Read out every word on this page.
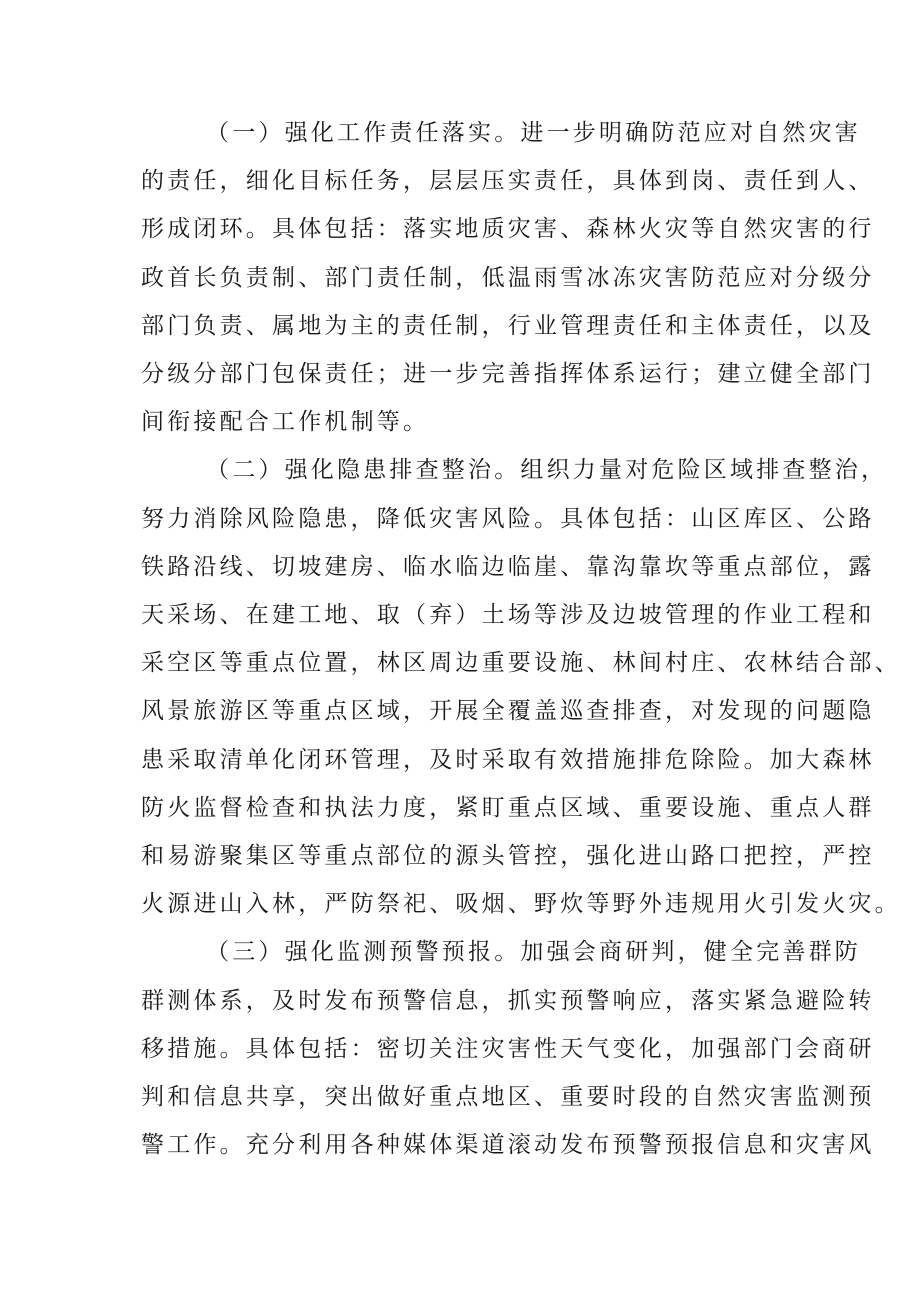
（一）强化工作责任落实。进一步明确防范应对自然灾害
的责任，细化目标任务，层层压实责任，具体到岗、责任到人、
形成闭环。具体包括：落实地质灾害、森林火灾等自然灾害的行
政首长负责制、部门责任制，低温雨雪冰冻灾害防范应对分级分
部门负责、属地为主的责任制，行业管理责任和主体责任，以及
分级分部门包保责任；进一步完善指挥体系运行；建立健全部门
间衔接配合工作机制等。
（二）强化隐患排查整治。组织力量对危险区域排查整治，
努力消除风险隐患，降低灾害风险。具体包括：山区库区、公路
铁路沿线、切坡建房、临水临边临崖、靠沟靠坎等重点部位，露
天采场、在建工地、取（弃）土场等涉及边坡管理的作业工程和
采空区等重点位置，林区周边重要设施、林间村庄、农林结合部、
风景旅游区等重点区域，开展全覆盖巡查排查，对发现的问题隐
患采取清单化闭环管理，及时采取有效措施排危除险。加大森林
防火监督检查和执法力度，紧盯重点区域、重要设施、重点人群
和易游聚集区等重点部位的源头管控，强化进山路口把控，严控
火源进山入林，严防祭祀、吸烟、野炊等野外违规用火引发火灾。
（三）强化监测预警预报。加强会商研判，健全完善群防
群测体系，及时发布预警信息，抓实预警响应，落实紧急避险转
移措施。具体包括：密切关注灾害性天气变化，加强部门会商研
判和信息共享，突出做好重点地区、重要时段的自然灾害监测预
警工作。充分利用各种媒体渠道滚动发布预警预报信息和灾害风
